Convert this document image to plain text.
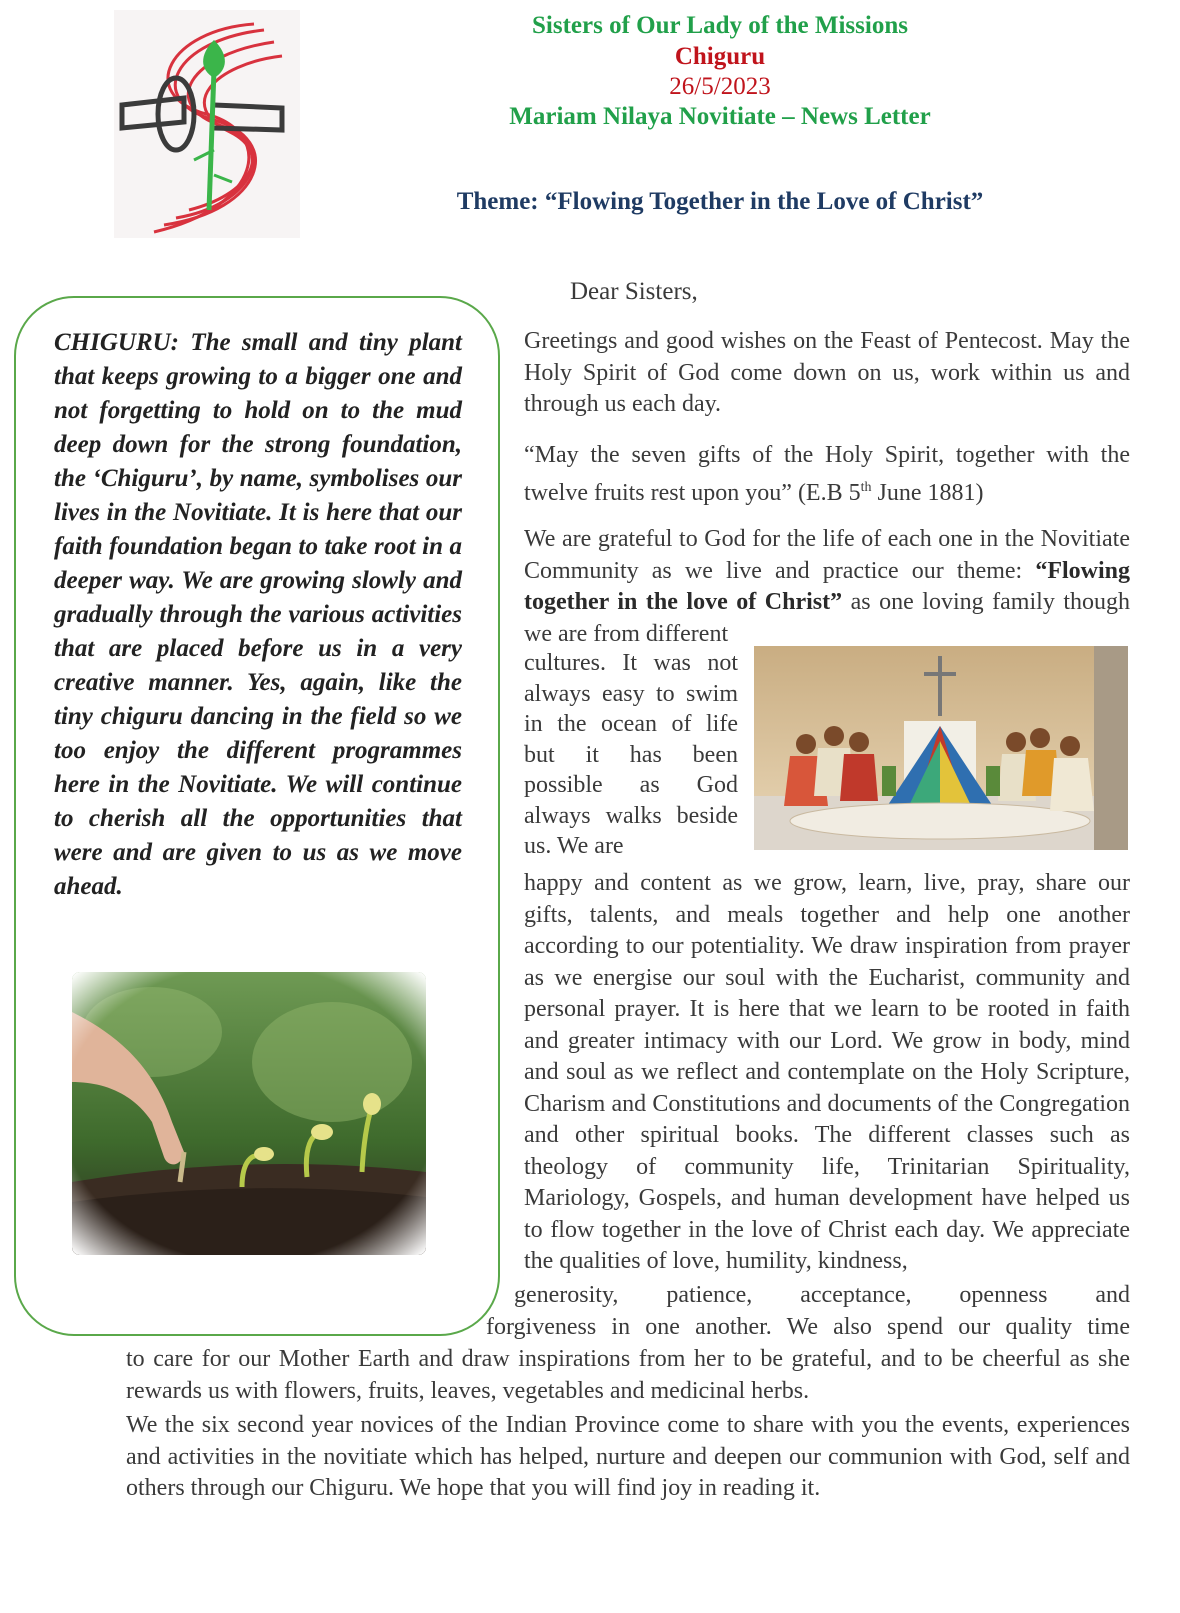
Sisters of Our Lady of the Missions
Chiguru
26/5/2023
Mariam Nilaya Novitiate – News Letter
Theme: “Flowing Together in the Love of Christ”
CHIGURU: The small and tiny plant that keeps growing to a bigger one and not forgetting to hold on to the mud deep down for the strong foundation, the ‘Chiguru’, by name, symbolises our lives in the Novitiate. It is here that our faith foundation began to take root in a deeper way. We are growing slowly and gradually through the various activities that are placed before us in a very creative manner. Yes, again, like the tiny chiguru dancing in the field so we too enjoy the different programmes here in the Novitiate. We will continue to cherish all the opportunities that were and are given to us as we move ahead.
Dear Sisters,
Greetings and good wishes on the Feast of Pentecost. May the Holy Spirit of God come down on us, work within us and through us each day.
“May the seven gifts of the Holy Spirit, together with the twelve fruits rest upon you” (E.B 5th June 1881)
We are grateful to God for the life of each one in the Novitiate Community as we live and practice our theme: “Flowing together in the love of Christ” as one loving family though we are from different
cultures. It was not always easy to swim in the ocean of life but it has been possible as God always walks beside us. We are
happy and content as we grow, learn, live, pray, share our gifts, talents, and meals together and help one another according to our potentiality. We draw inspiration from prayer as we energise our soul with the Eucharist, community and personal prayer. It is here that we learn to be rooted in faith and greater intimacy with our Lord. We grow in body, mind and soul as we reflect and contemplate on the Holy Scripture, Charism and Constitutions and documents of the Congregation and other spiritual books. The different classes such as theology of community life, Trinitarian Spirituality, Mariology, Gospels, and human development have helped us to flow together in the love of Christ each day. We appreciate the qualities of love, humility, kindness,
generosity, patience, acceptance, openness and
forgiveness in one another. We also spend our quality time
to care for our Mother Earth and draw inspirations from her to be grateful, and to be cheerful as she rewards us with flowers, fruits, leaves, vegetables and medicinal herbs.
We the six second year novices of the Indian Province come to share with you the events, experiences and activities in the novitiate which has helped, nurture and deepen our communion with God, self and others through our Chiguru. We hope that you will find joy in reading it.
